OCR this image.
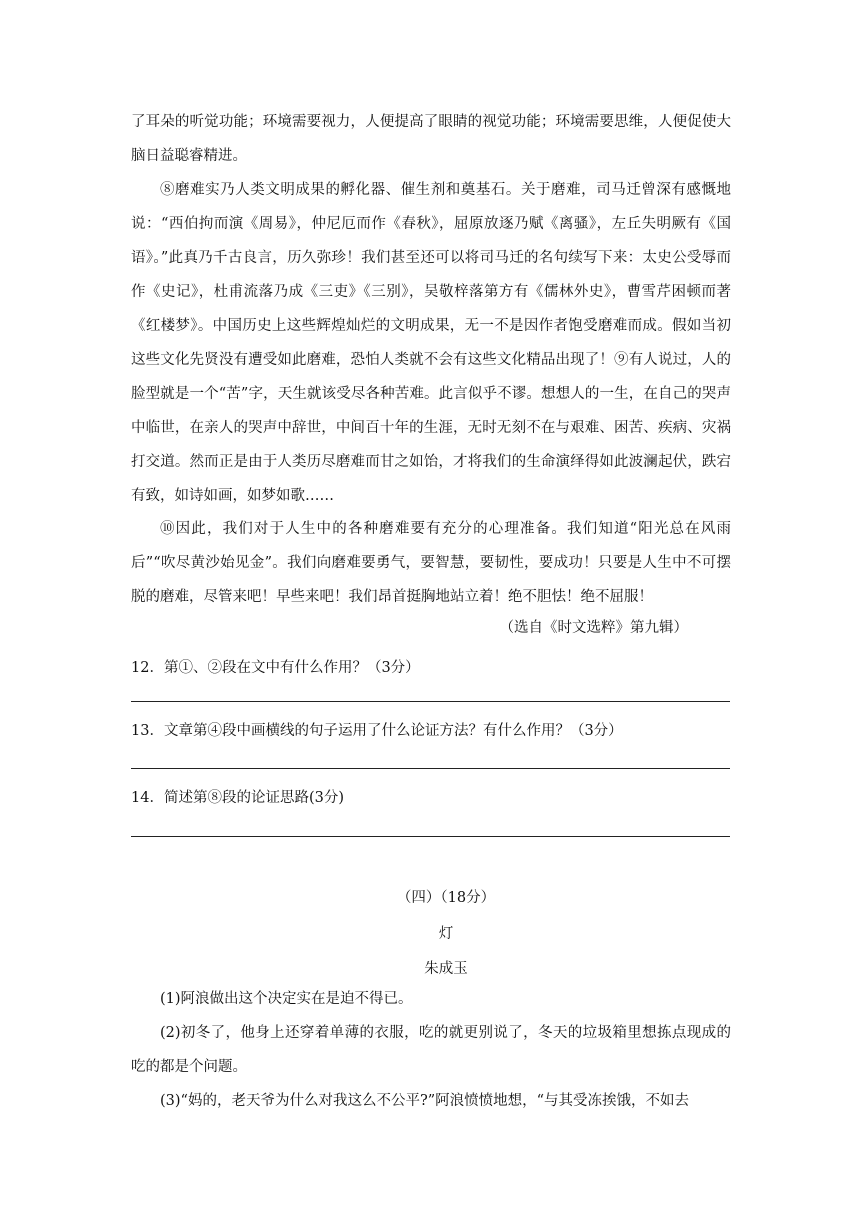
了耳朵的听觉功能；环境需要视力，人便提高了眼睛的视觉功能；环境需要思维，人便促使大脑日益聪睿精进。

⑧磨难实乃人类文明成果的孵化器、催生剂和奠基石。关于磨难，司马迁曾深有感慨地说：“西伯拘而演《周易》，仲尼厄而作《春秋》，屈原放逐乃赋《离骚》，左丘失明厥有《国语》。”此真乃千古良言，历久弥珍！我们甚至还可以将司马迁的名句续写下来：太史公受辱而作《史记》，杜甫流落乃成《三吏》《三别》，吴敬梓落第方有《儒林外史》，曹雪芹困顿而著《红楼梦》。中国历史上这些辉煌灿烂的文明成果，无一不是因作者饱受磨难而成。假如当初这些文化先贤没有遭受如此磨难，恐怕人类就不会有这些文化精品出现了！⑨有人说过，人的脸型就是一个“苦”字，天生就该受尽各种苦难。此言似乎不谬。想想人的一生，在自己的哭声中临世，在亲人的哭声中辞世，中间百十年的生涯，无时无刻不在与艰难、困苦、疾病、灾祸打交道。然而正是由于人类历尽磨难而甘之如饴，才将我们的生命演绎得如此波澜起伏，跌宕有致，如诗如画，如梦如歌……

⑩因此，我们对于人生中的各种磨难要有充分的心理准备。我们知道“阳光总在风雨后”“吹尽黄沙始见金”。我们向磨难要勇气，要智慧，要韧性，要成功！只要是人生中不可摆脱的磨难，尽管来吧！早些来吧！我们昂首挺胸地站立着！绝不胆怯！绝不屈服！

（选自《时文选粹》第九辑）
12．第①、②段在文中有什么作用？（3分）
13．文章第④段中画横线的句子运用了什么论证方法？有什么作用？（3分）
14．简述第⑧段的论证思路(3分)
（四）（18分）
灯
朱成玉

(1)阿浪做出这个决定实在是迫不得已。

(2)初冬了，他身上还穿着单薄的衣服，吃的就更别说了，冬天的垃圾箱里想拣点现成的吃的都是个问题。

(3)“妈的，老天爷为什么对我这么不公平?”阿浪愤愤地想，“与其受冻挨饿，不如去
